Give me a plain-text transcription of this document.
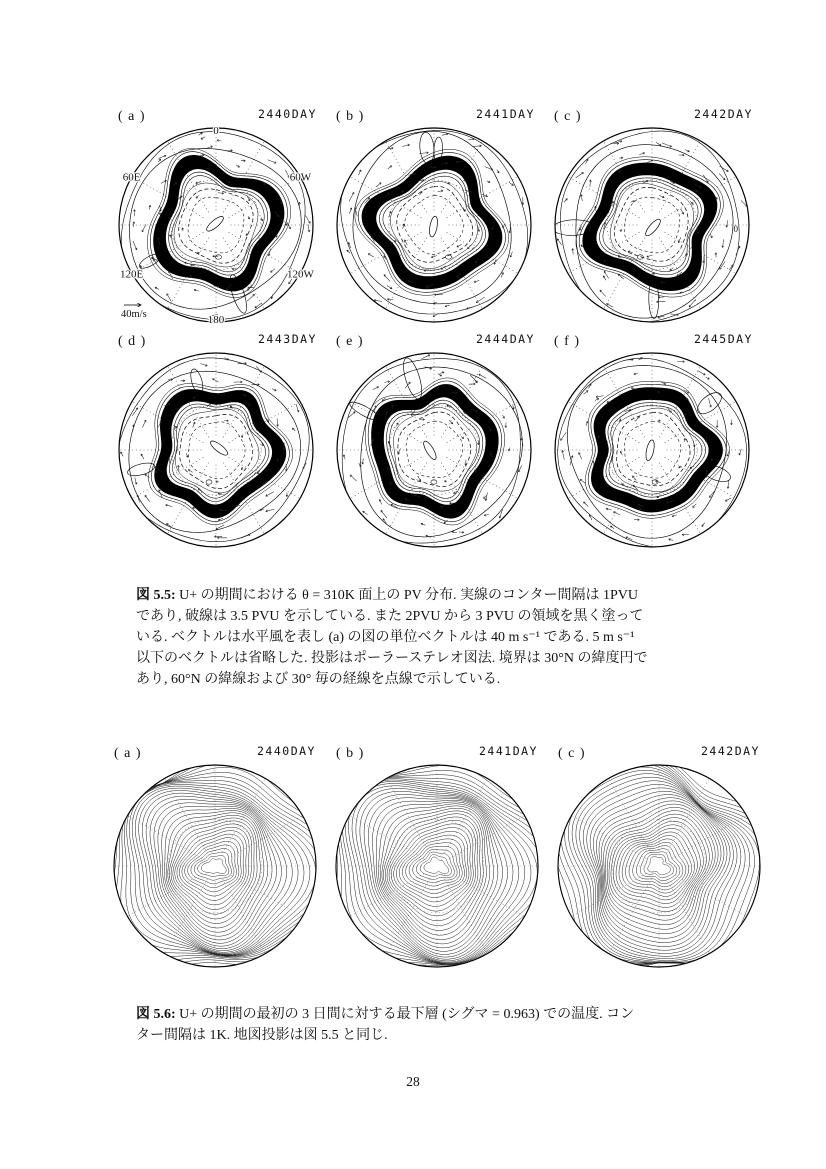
( a )	2440DAY
0
60E	60W
120E	120W
180
40m/s
( b )	2441DAY ( c )	2442DAY
0
( d )	2443DAY ( e )	2444DAY ( f )	2445DAY
図 5.5: U+ の期間における θ = 310K 面上の PV 分布. 実線のコンター間隔は 1PVU
であり, 破線は 3.5 PVU を示している. また 2PVU から 3 PVU の領域を黒く塗って
いる. ベクトルは水平風を表し (a) の図の単位ベクトルは 40 m s⁻¹ である. 5 m s⁻¹
以下のベクトルは省略した. 投影はポーラーステレオ図法. 境界は 30°N の緯度円で
あり, 60°N の緯線および 30° 毎の経線を点線で示している.
( a )	2440DAY ( b )	2441DAY ( c )	2442DAY
図 5.6: U+ の期間の最初の 3 日間に対する最下層 (シグマ = 0.963) での温度. コン
ター間隔は 1K. 地図投影は図 5.5 と同じ.
28
